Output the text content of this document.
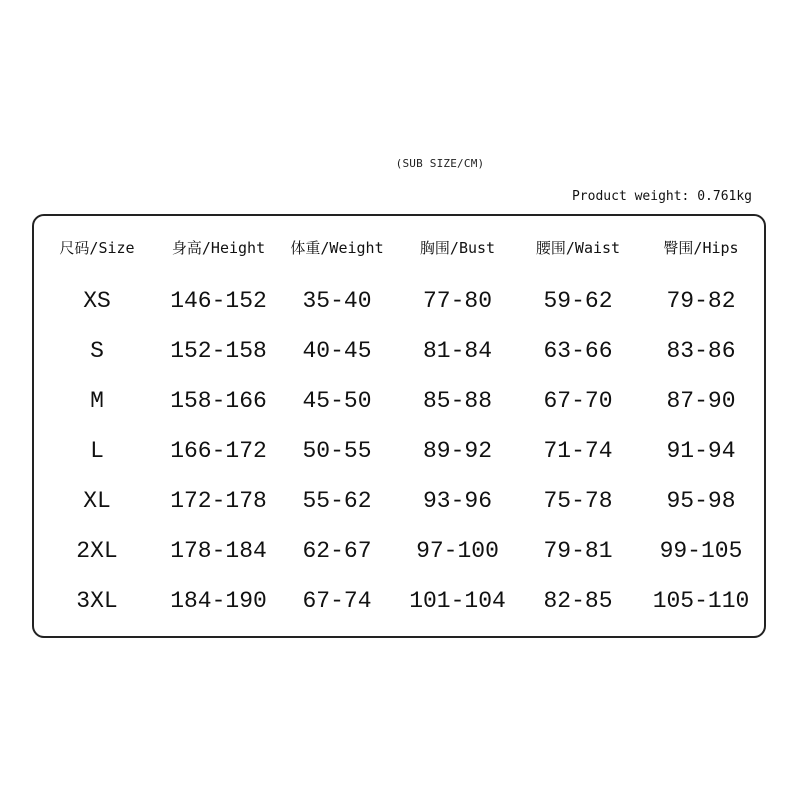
(SUB SIZE/CM)
Product weight: 0.761kg
尺码/Size	身高/Height	体重/Weight	胸围/Bust	腰围/Waist	臀围/Hips
XS	146-152	35-40	77-80	59-62	79-82
S	152-158	40-45	81-84	63-66	83-86
M	158-166	45-50	85-88	67-70	87-90
L	166-172	50-55	89-92	71-74	91-94
XL	172-178	55-62	93-96	75-78	95-98
2XL	178-184	62-67	97-100	79-81	99-105
3XL	184-190	67-74	101-104	82-85	105-110
